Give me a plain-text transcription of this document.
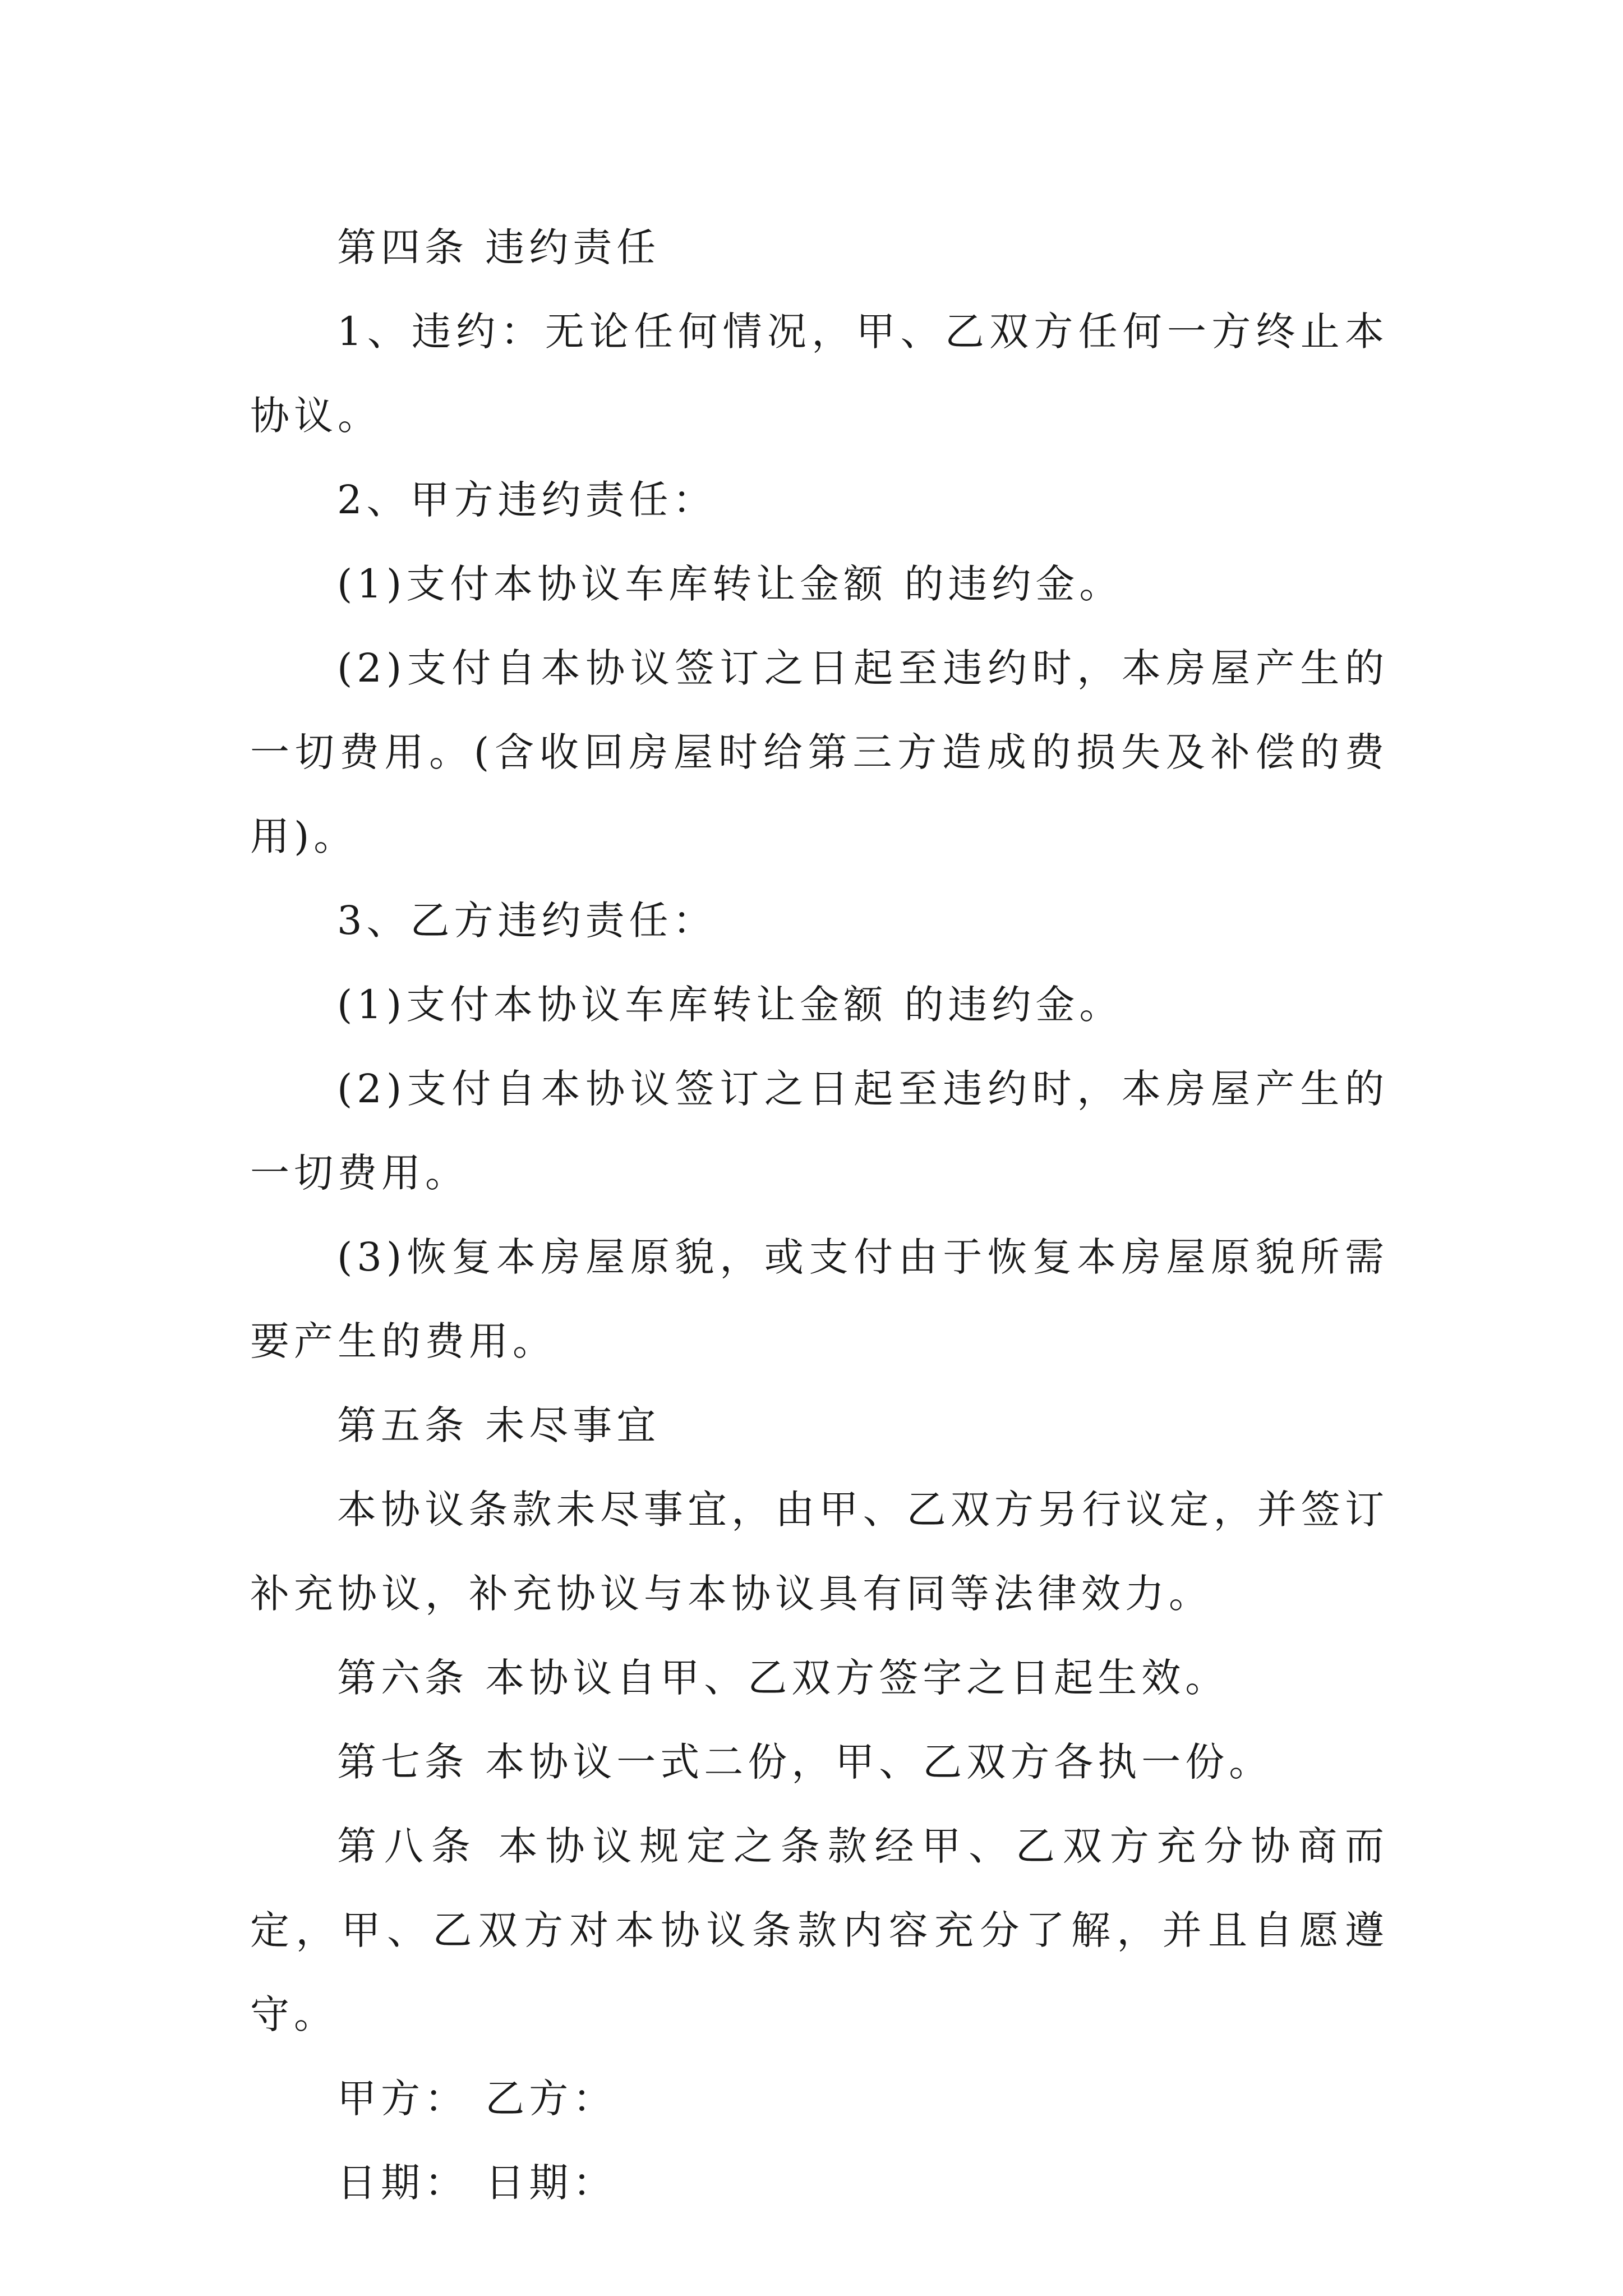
第四条 违约责任

1、违约：无论任何情况，甲、乙双方任何一方终止本协议。

2、甲方违约责任：

(1)支付本协议车库转让金额 的违约金。

(2)支付自本协议签订之日起至违约时，本房屋产生的一切费用。(含收回房屋时给第三方造成的损失及补偿的费用)。

3、乙方违约责任：

(1)支付本协议车库转让金额 的违约金。

(2)支付自本协议签订之日起至违约时，本房屋产生的一切费用。

(3)恢复本房屋原貌，或支付由于恢复本房屋原貌所需要产生的费用。

第五条 未尽事宜

本协议条款未尽事宜，由甲、乙双方另行议定，并签订补充协议，补充协议与本协议具有同等法律效力。

第六条 本协议自甲、乙双方签字之日起生效。

第七条 本协议一式二份，甲、乙双方各执一份。

第八条 本协议规定之条款经甲、乙双方充分协商而定，甲、乙双方对本协议条款内容充分了解，并且自愿遵守。

甲方： 乙方：

日期： 日期：
